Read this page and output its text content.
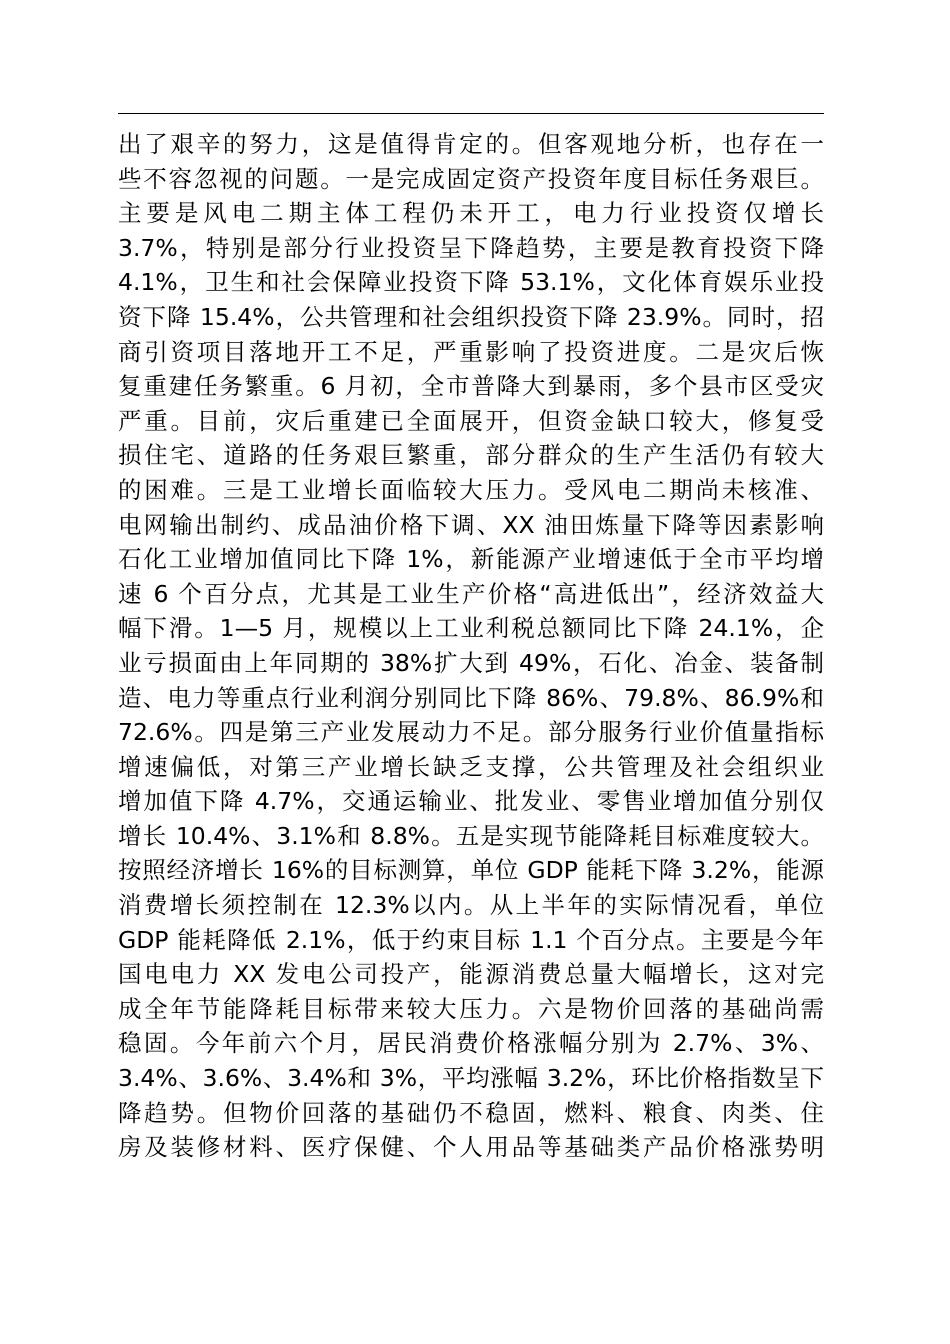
出了艰辛的努力，这是值得肯定的。但客观地分析，也存在一
些不容忽视的问题。一是完成固定资产投资年度目标任务艰巨。
主要是风电二期主体工程仍未开工，电力行业投资仅增长
3.7%，特别是部分行业投资呈下降趋势，主要是教育投资下降
4.1%，卫生和社会保障业投资下降 53.1%，文化体育娱乐业投
资下降 15.4%，公共管理和社会组织投资下降 23.9%。同时，招
商引资项目落地开工不足，严重影响了投资进度。二是灾后恢
复重建任务繁重。6 月初，全市普降大到暴雨，多个县市区受灾
严重。目前，灾后重建已全面展开，但资金缺口较大，修复受
损住宅、道路的任务艰巨繁重，部分群众的生产生活仍有较大
的困难。三是工业增长面临较大压力。受风电二期尚未核准、
电网输出制约、成品油价格下调、XX 油田炼量下降等因素影响
石化工业增加值同比下降 1%，新能源产业增速低于全市平均增
速 6 个百分点，尤其是工业生产价格“高进低出”，经济效益大
幅下滑。1—5 月，规模以上工业利税总额同比下降 24.1%，企
业亏损面由上年同期的 38%扩大到 49%，石化、冶金、装备制
造、电力等重点行业利润分别同比下降 86%、79.8%、86.9%和
72.6%。四是第三产业发展动力不足。部分服务行业价值量指标
增速偏低，对第三产业增长缺乏支撑，公共管理及社会组织业
增加值下降 4.7%，交通运输业、批发业、零售业增加值分别仅
增长 10.4%、3.1%和 8.8%。五是实现节能降耗目标难度较大。
按照经济增长 16%的目标测算，单位 GDP 能耗下降 3.2%，能源
消费增长须控制在 12.3%以内。从上半年的实际情况看，单位
GDP 能耗降低 2.1%，低于约束目标 1.1 个百分点。主要是今年
国电电力 XX 发电公司投产，能源消费总量大幅增长，这对完
成全年节能降耗目标带来较大压力。六是物价回落的基础尚需
稳固。今年前六个月，居民消费价格涨幅分别为 2.7%、3%、
3.4%、3.6%、3.4%和 3%，平均涨幅 3.2%，环比价格指数呈下
降趋势。但物价回落的基础仍不稳固，燃料、粮食、肉类、住
房及装修材料、医疗保健、个人用品等基础类产品价格涨势明
